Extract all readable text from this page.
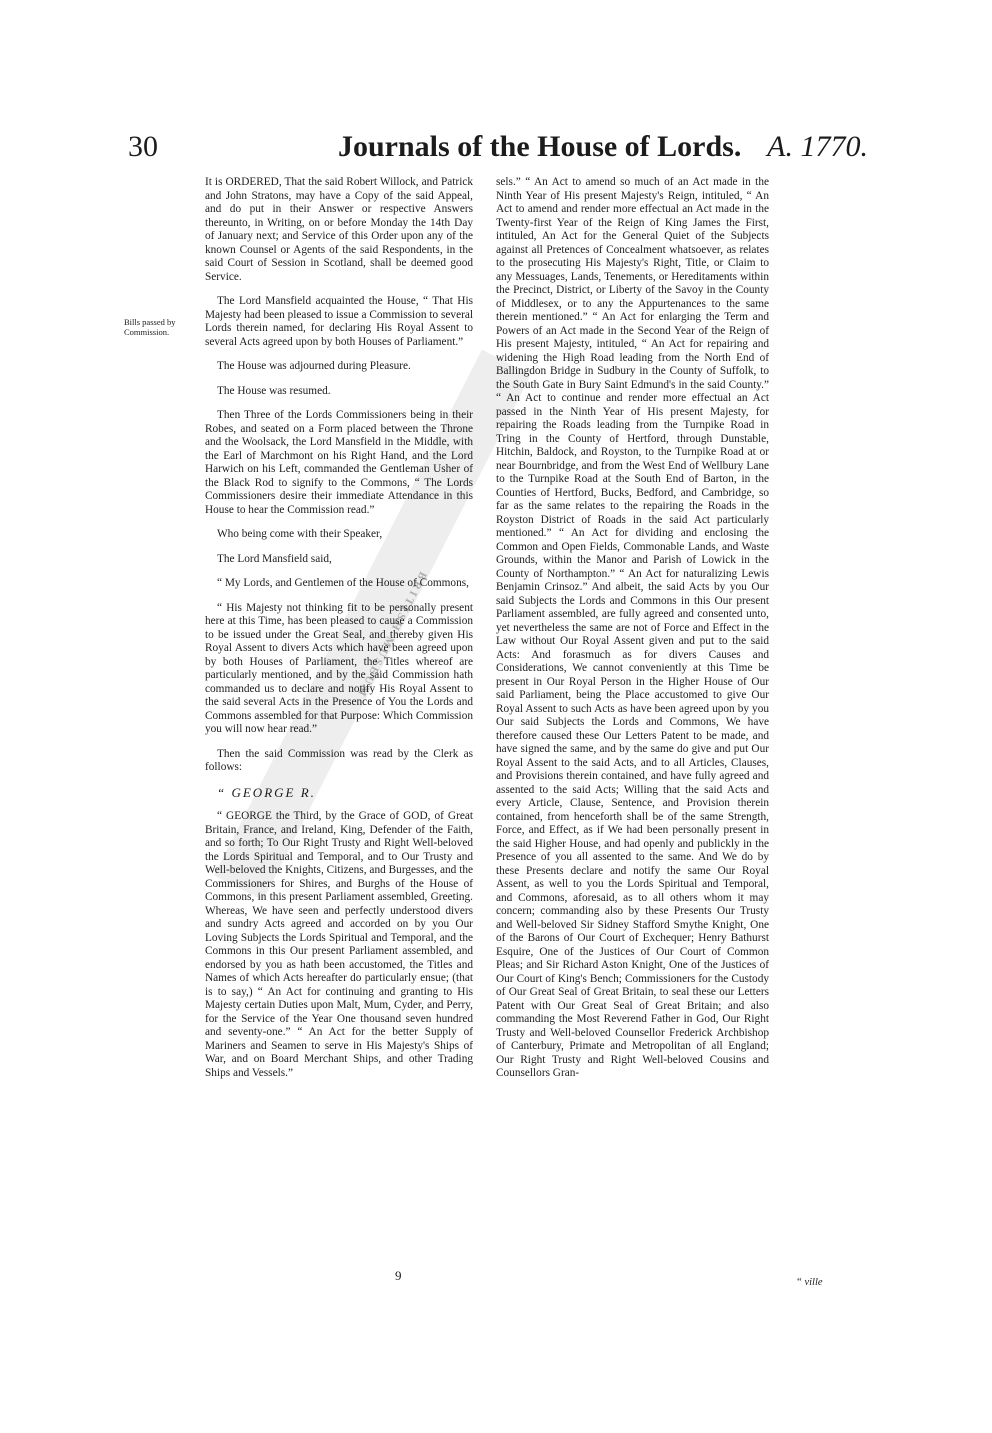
30	Journals of the House of Lords. A. 1770.
Bills passed by Commission.
BRITISH MUSEUM

It is ORDERED, That the said Robert Willock, and Patrick and John Stratons, may have a Copy of the said Appeal, and do put in their Answer or respective Answers thereunto, in Writing, on or before Monday the 14th Day of January next; and Service of this Order upon any of the known Counsel or Agents of the said Respondents, in the said Court of Session in Scotland, shall be deemed good Service.

The Lord Mansfield acquainted the House, “ That His Majesty had been pleased to issue a Commission to several Lords therein named, for declaring His Royal Assent to several Acts agreed upon by both Houses of Parliament.”

The House was adjourned during Pleasure.

The House was resumed.

Then Three of the Lords Commissioners being in their Robes, and seated on a Form placed between the Throne and the Woolsack, the Lord Mansfield in the Middle, with the Earl of Marchmont on his Right Hand, and the Lord Harwich on his Left, commanded the Gentleman Usher of the Black Rod to signify to the Commons, “ The Lords Commissioners desire their immediate Attendance in this House to hear the Commission read.”

Who being come with their Speaker,

The Lord Mansfield said,

“ My Lords, and Gentlemen of the House of Commons,

“ His Majesty not thinking fit to be personally present here at this Time, has been pleased to cause a Commission to be issued under the Great Seal, and thereby given His Royal Assent to divers Acts which have been agreed upon by both Houses of Parliament, the Titles whereof are particularly mentioned, and by the said Commission hath commanded us to declare and notify His Royal Assent to the said several Acts in the Presence of You the Lords and Commons assembled for that Purpose: Which Commission you will now hear read.”

Then the said Commission was read by the Clerk as follows:

“ GEORGE R.

“ GEORGE the Third, by the Grace of GOD, of Great Britain, France, and Ireland, King, Defender of the Faith, and so forth; To Our Right Trusty and Right Well-beloved the Lords Spiritual and Temporal, and to Our Trusty and Well-beloved the Knights, Citizens, and Burgesses, and the Commissioners for Shires, and Burghs of the House of Commons, in this present Parliament assembled, Greeting. Whereas, We have seen and perfectly understood divers and sundry Acts agreed and accorded on by you Our Loving Subjects the Lords Spiritual and Temporal, and the Commons in this Our present Parliament assembled, and endorsed by you as hath been accustomed, the Titles and Names of which Acts hereafter do particularly ensue; (that is to say,) “ An Act for continuing and granting to His Majesty certain Duties upon Malt, Mum, Cyder, and Perry, for the Service of the Year One thousand seven hundred and seventy-one.” “ An Act for the better Supply of Mariners and Seamen to serve in His Majesty's Ships of War, and on Board Merchant Ships, and other Trading Ships and Vessels.”

sels.” “ An Act to amend so much of an Act made in the Ninth Year of His present Majesty's Reign, intituled, “ An Act to amend and render more effectual an Act made in the Twenty-first Year of the Reign of King James the First, intituled, An Act for the General Quiet of the Subjects against all Pretences of Concealment whatsoever, as relates to the prosecuting His Majesty's Right, Title, or Claim to any Messuages, Lands, Tenements, or Hereditaments within the Precinct, District, or Liberty of the Savoy in the County of Middlesex, or to any the Appurtenances to the same therein mentioned.” “ An Act for enlarging the Term and Powers of an Act made in the Second Year of the Reign of His present Majesty, intituled, “ An Act for repairing and widening the High Road leading from the North End of Ballingdon Bridge in Sudbury in the County of Suffolk, to the South Gate in Bury Saint Edmund's in the said County.” “ An Act to continue and render more effectual an Act passed in the Ninth Year of His present Majesty, for repairing the Roads leading from the Turnpike Road in Tring in the County of Hertford, through Dunstable, Hitchin, Baldock, and Royston, to the Turnpike Road at or near Bournbridge, and from the West End of Wellbury Lane to the Turnpike Road at the South End of Barton, in the Counties of Hertford, Bucks, Bedford, and Cambridge, so far as the same relates to the repairing the Roads in the Royston District of Roads in the said Act particularly mentioned.” “ An Act for dividing and enclosing the Common and Open Fields, Commonable Lands, and Waste Grounds, within the Manor and Parish of Lowick in the County of Northampton.” “ An Act for naturalizing Lewis Benjamin Crinsoz.” And albeit, the said Acts by you Our said Subjects the Lords and Commons in this Our present Parliament assembled, are fully agreed and consented unto, yet nevertheless the same are not of Force and Effect in the Law without Our Royal Assent given and put to the said Acts: And forasmuch as for divers Causes and Considerations, We cannot conveniently at this Time be present in Our Royal Person in the Higher House of Our said Parliament, being the Place accustomed to give Our Royal Assent to such Acts as have been agreed upon by you Our said Subjects the Lords and Commons, We have therefore caused these Our Letters Patent to be made, and have signed the same, and by the same do give and put Our Royal Assent to the said Acts, and to all Articles, Clauses, and Provisions therein contained, and have fully agreed and assented to the said Acts; Willing that the said Acts and every Article, Clause, Sentence, and Provision therein contained, from henceforth shall be of the same Strength, Force, and Effect, as if We had been personally present in the said Higher House, and had openly and publickly in the Presence of you all assented to the same. And We do by these Presents declare and notify the same Our Royal Assent, as well to you the Lords Spiritual and Temporal, and Commons, aforesaid, as to all others whom it may concern; commanding also by these Presents Our Trusty and Well-beloved Sir Sidney Stafford Smythe Knight, One of the Barons of Our Court of Exchequer; Henry Bathurst Esquire, One of the Justices of Our Court of Common Pleas; and Sir Richard Aston Knight, One of the Justices of Our Court of King's Bench; Commissioners for the Custody of Our Great Seal of Great Britain, to seal these our Letters Patent with Our Great Seal of Great Britain; and also commanding the Most Reverend Father in God, Our Right Trusty and Well-beloved Counsellor Frederick Archbishop of Canterbury, Primate and Metropolitan of all England; Our Right Trusty and Right Well-beloved Cousins and Counsellors Gran-

9	“ ville
